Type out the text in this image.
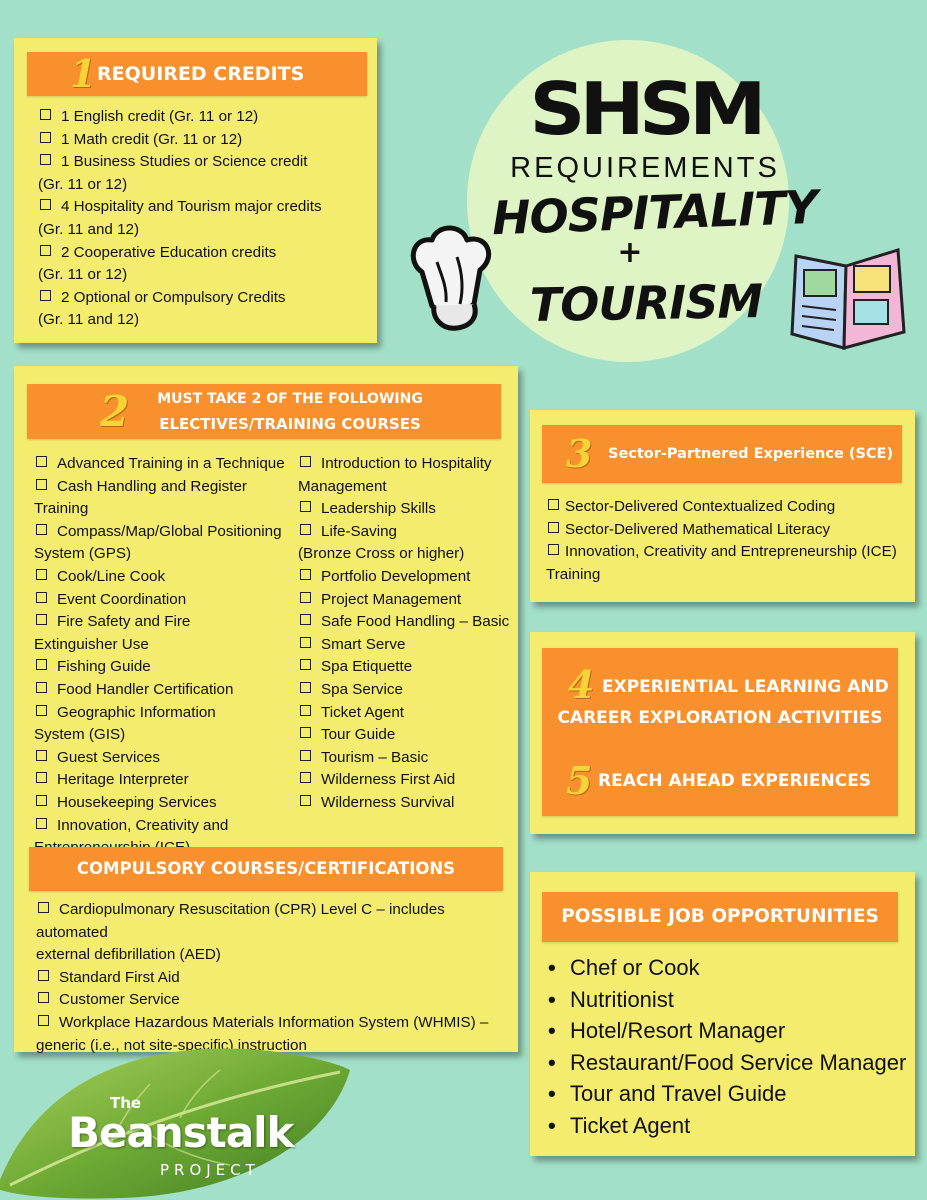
SHSM
REQUIREMENTS
HOSPITALITY
+
TOURISM
1 REQUIRED CREDITS
1 English credit (Gr. 11 or 12)
1 Math credit (Gr. 11 or 12)
1 Business Studies or Science credit
(Gr. 11 or 12)
4 Hospitality and Tourism major credits
(Gr. 11 and 12)
2 Cooperative Education credits
(Gr. 11 or 12)
2 Optional or Compulsory Credits
(Gr. 11 and 12)
2	MUST TAKE 2 OF THE FOLLOWING
ELECTIVES/TRAINING COURSES
Advanced Training in a Technique
Cash Handling and Register Training
Compass/Map/Global Positioning
System (GPS)
Cook/Line Cook
Event Coordination
Fire Safety and Fire
Extinguisher Use
Fishing Guide
Food Handler Certification
Geographic Information
System (GIS)
Guest Services
Heritage Interpreter
Housekeeping Services
Innovation, Creativity and
Introduction to Hospitality
Management
Leadership Skills
Life-Saving
(Bronze Cross or higher)
Portfolio Development
Project Management
Safe Food Handling – Basic
Smart Serve
Spa Etiquette
Spa Service
Ticket Agent
Tour Guide
Tourism – Basic
Wilderness First Aid
Wilderness Survival
COMPULSORY COURSES/CERTIFICATIONS
Cardiopulmonary Resuscitation (CPR) Level C – includes automated
external defibrillation (AED)
Standard First Aid
Customer Service
Workplace Hazardous Materials Information System (WHMIS) –
generic (i.e., not site-specific) instruction
3 Sector-Partnered Experience (SCE)
Sector-Delivered Contextualized Coding
Sector-Delivered Mathematical Literacy
Innovation, Creativity and Entrepreneurship (ICE)
Training
4 EXPERIENTIAL LEARNING AND
CAREER EXPLORATION ACTIVITIES
5 REACH AHEAD EXPERIENCES
POSSIBLE JOB OPPORTUNITIES
• Chef or Cook
• Nutritionist
• Hotel/Resort Manager
• Restaurant/Food Service Manager
• Tour and Travel Guide
• Ticket Agent
The
Beanstalk
PROJECT
